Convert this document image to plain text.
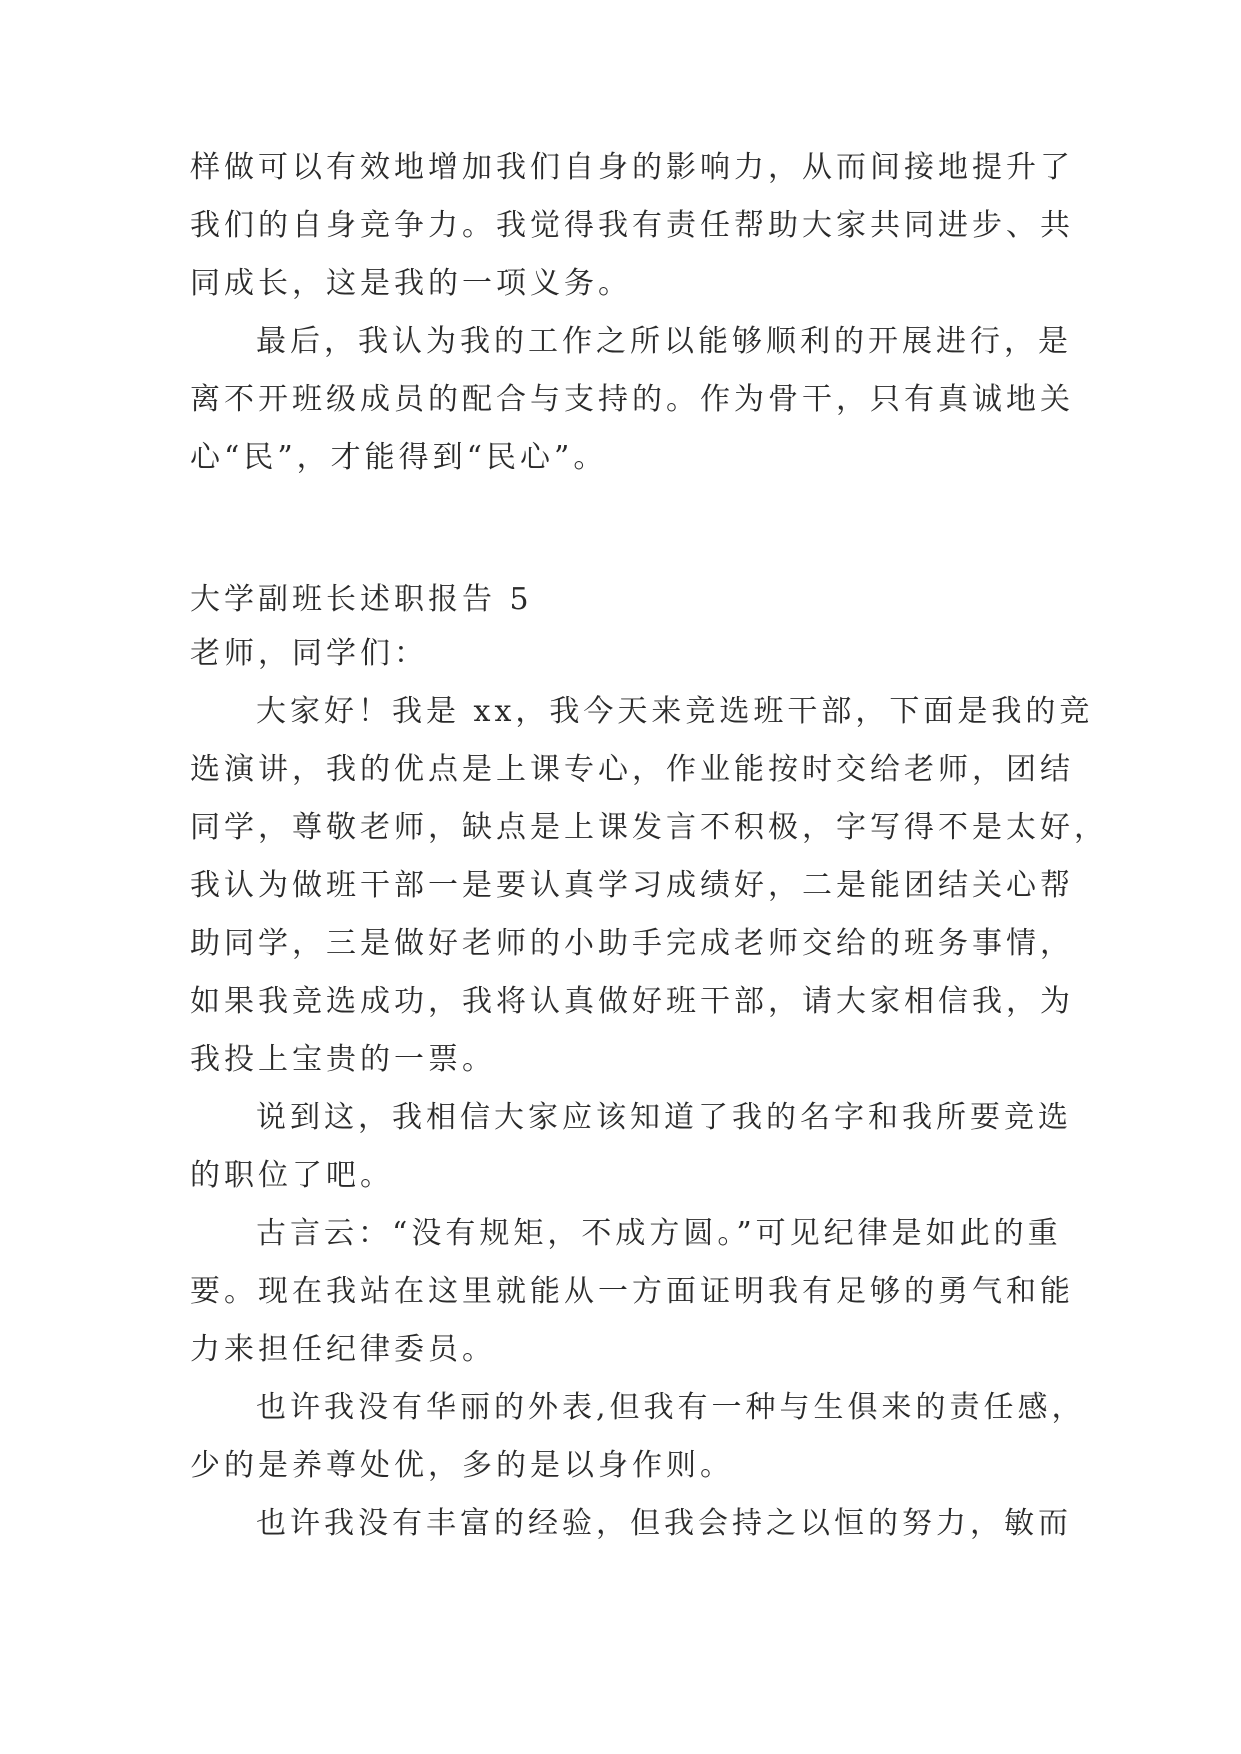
样做可以有效地增加我们自身的影响力，从而间接地提升了
我们的自身竞争力。我觉得我有责任帮助大家共同进步、共
同成长，这是我的一项义务。
最后，我认为我的工作之所以能够顺利的开展进行，是
离不开班级成员的配合与支持的。作为骨干，只有真诚地关
心“民”，才能得到“民心”。
大学副班长述职报告 5
老师，同学们：
大家好！我是 xx，我今天来竞选班干部，下面是我的竞
选演讲，我的优点是上课专心，作业能按时交给老师，团结
同学，尊敬老师，缺点是上课发言不积极，字写得不是太好，
我认为做班干部一是要认真学习成绩好，二是能团结关心帮
助同学，三是做好老师的小助手完成老师交给的班务事情，
如果我竞选成功，我将认真做好班干部，请大家相信我，为
我投上宝贵的一票。
说到这，我相信大家应该知道了我的名字和我所要竞选
的职位了吧。
古言云：“没有规矩，不成方圆。”可见纪律是如此的重
要。现在我站在这里就能从一方面证明我有足够的勇气和能
力来担任纪律委员。
也许我没有华丽的外表,但我有一种与生俱来的责任感，
少的是养尊处优，多的是以身作则。
也许我没有丰富的经验，但我会持之以恒的努力，敏而
